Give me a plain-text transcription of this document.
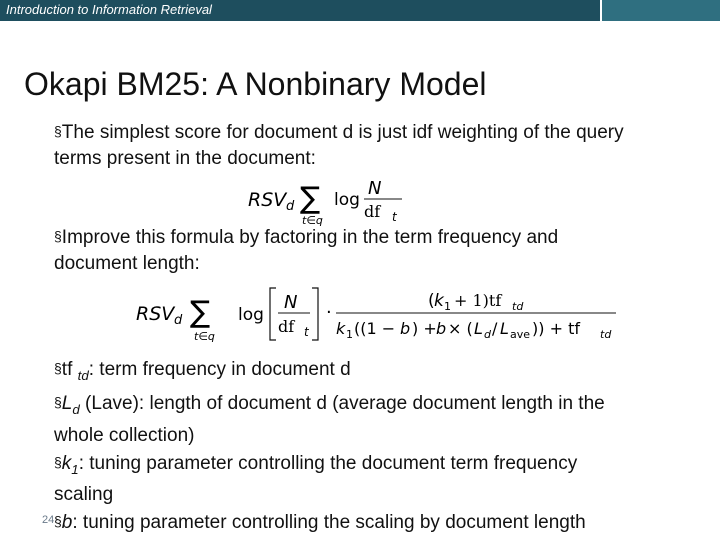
Introduction to Information Retrieval
Okapi BM25: A Nonbinary Model
§The simplest score for document d is just idf weighting of the query
terms present in the document:
RSV d ∑
t∈q
log
N
df t
§Improve this formula by factoring in the term frequency and
document length:
RSV d ∑
t∈q
log
N
df t
·
( k 1 + 1)tf td
k 1 ((1 − b ) + b × ( L d / L ave )) + tf td
§tf $_{td}$: term frequency in document d
$\S L_d$ (Lave): length of document d (average document length in the
whole collection)
$\S k_1$: tuning parameter controlling the document term frequency
scaling
§b: tuning parameter controlling the scaling by document length
24
